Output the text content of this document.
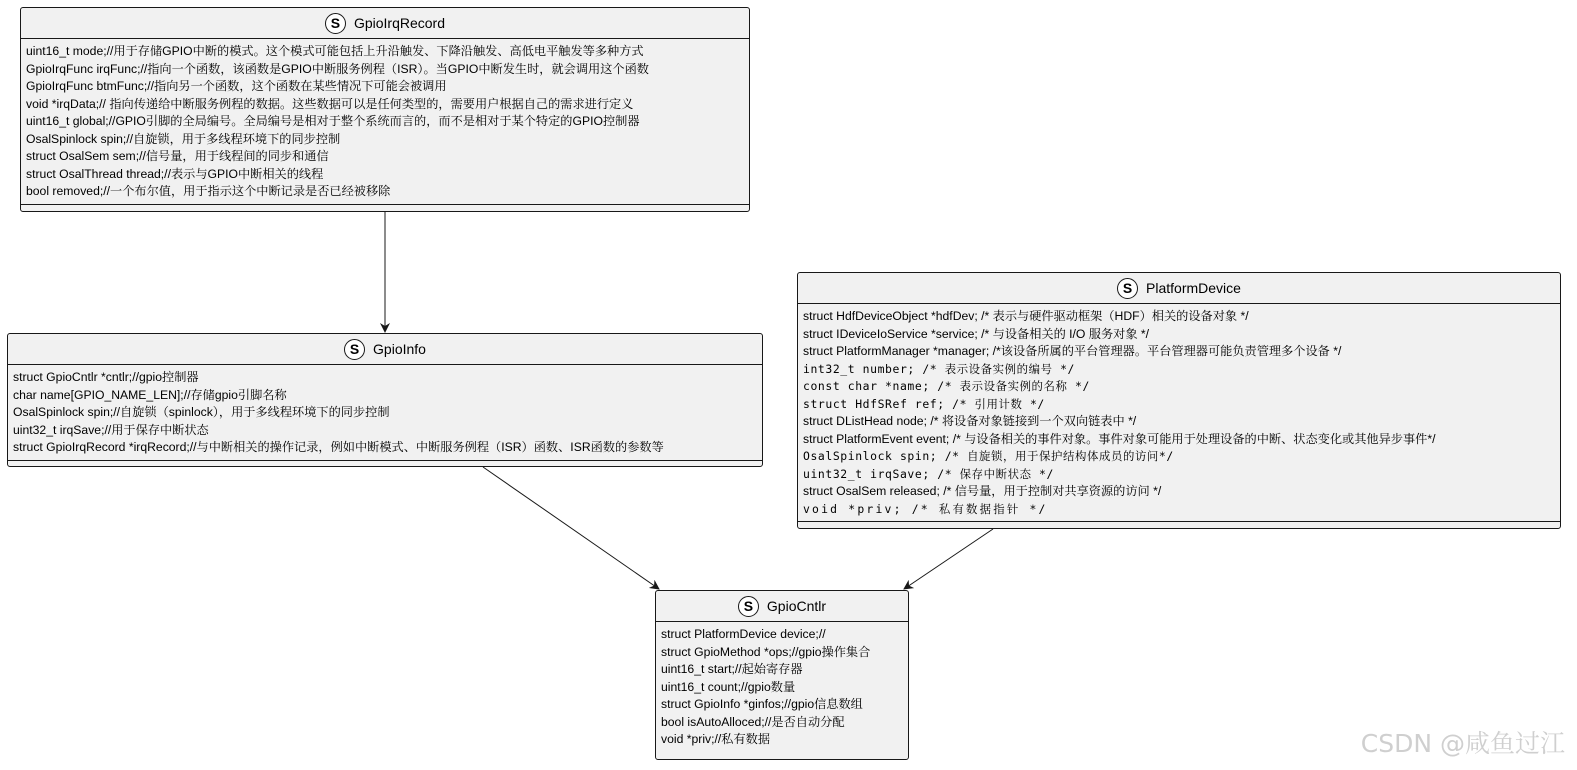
S GpioIrqRecord
uint16_t mode;//用于存储GPIO中断的模式。这个模式可能包括上升沿触发、下降沿触发、高低电平触发等多种方式
GpioIrqFunc irqFunc;//指向一个函数，该函数是GPIO中断服务例程（ISR）。当GPIO中断发生时，就会调用这个函数
GpioIrqFunc btmFunc;//指向另一个函数，这个函数在某些情况下可能会被调用
void *irqData;// 指向传递给中断服务例程的数据。这些数据可以是任何类型的，需要用户根据自己的需求进行定义
uint16_t global;//GPIO引脚的全局编号。全局编号是相对于整个系统而言的，而不是相对于某个特定的GPIO控制器
OsalSpinlock spin;//自旋锁，用于多线程环境下的同步控制
struct OsalSem sem;//信号量，用于线程间的同步和通信
struct OsalThread thread;//表示与GPIO中断相关的线程
bool removed;//一个布尔值，用于指示这个中断记录是否已经被移除
S GpioInfo
struct GpioCntlr *cntlr;//gpio控制器
char name[GPIO_NAME_LEN];//存储gpio引脚名称
OsalSpinlock spin;//自旋锁（spinlock），用于多线程环境下的同步控制
uint32_t irqSave;//用于保存中断状态
struct GpioIrqRecord *irqRecord;//与中断相关的操作记录，例如中断模式、中断服务例程（ISR）函数、ISR函数的参数等
S PlatformDevice
struct HdfDeviceObject *hdfDev; /* 表示与硬件驱动框架（HDF）相关的设备对象 */
struct IDeviceIoService *service; /* 与设备相关的 I/O 服务对象 */
struct PlatformManager *manager; /*该设备所属的平台管理器。平台管理器可能负责管理多个设备 */
int32_t number; /* 表示设备实例的编号 */
const char *name; /* 表示设备实例的名称 */
struct HdfSRef ref; /* 引用计数 */
struct DListHead node; /* 将设备对象链接到一个双向链表中 */
struct PlatformEvent event; /* 与设备相关的事件对象。事件对象可能用于处理设备的中断、状态变化或其他异步事件*/
OsalSpinlock spin; /* 自旋锁，用于保护结构体成员的访问*/
uint32_t irqSave; /* 保存中断状态 */
struct OsalSem released; /* 信号量，用于控制对共享资源的访问 */
void *priv; /* 私有数据指针 */
S GpioCntlr
struct PlatformDevice device;//
struct GpioMethod *ops;//gpio操作集合
uint16_t start;//起始寄存器
uint16_t count;//gpio数量
struct GpioInfo *ginfos;//gpio信息数组
bool isAutoAlloced;//是否自动分配
void *priv;//私有数据	CSDN @咸鱼过江
